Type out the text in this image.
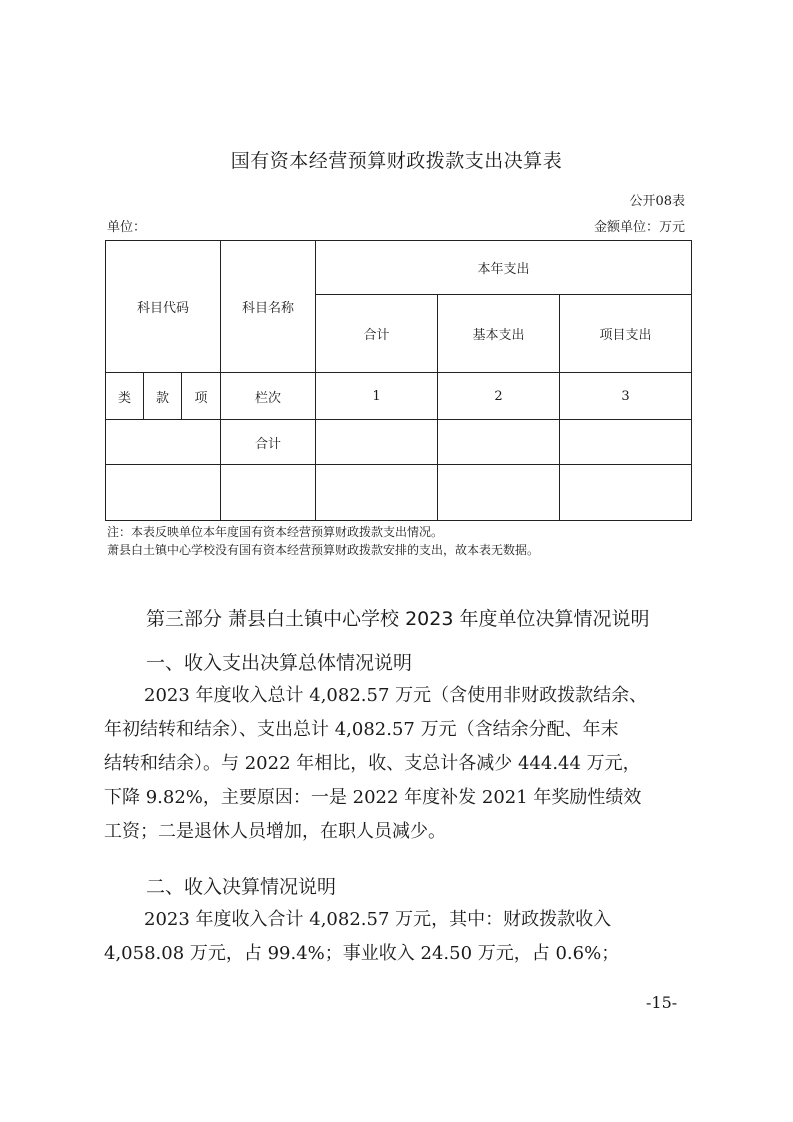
国有资本经营预算财政拨款支出决算表
公开08表
单位：	金额单位：万元
科目代码			科目名称	本年支出		
				合计	基本支出	项目支出
类	款	项	栏次	1	2	3
			合计			

注：本表反映单位本年度国有资本经营预算财政拨款支出情况。
萧县白土镇中心学校没有国有资本经营预算财政拨款安排的支出，故本表无数据。
第三部分 萧县白土镇中心学校 2023 年度单位决算情况说明
一、收入支出决算总体情况说明
2023 年度收入总计 4,082.57 万元（含使用非财政拨款结余、
年初结转和结余）、支出总计 4,082.57 万元（含结余分配、年末
结转和结余）。与 2022 年相比，收、支总计各减少 444.44 万元，
下降 9.82%，主要原因：一是 2022 年度补发 2021 年奖励性绩效
工资；二是退休人员增加，在职人员减少。
二、收入决算情况说明
2023 年度收入合计 4,082.57 万元，其中：财政拨款收入
4,058.08 万元，占 99.4%；事业收入 24.50 万元，占 0.6%；
-15-
